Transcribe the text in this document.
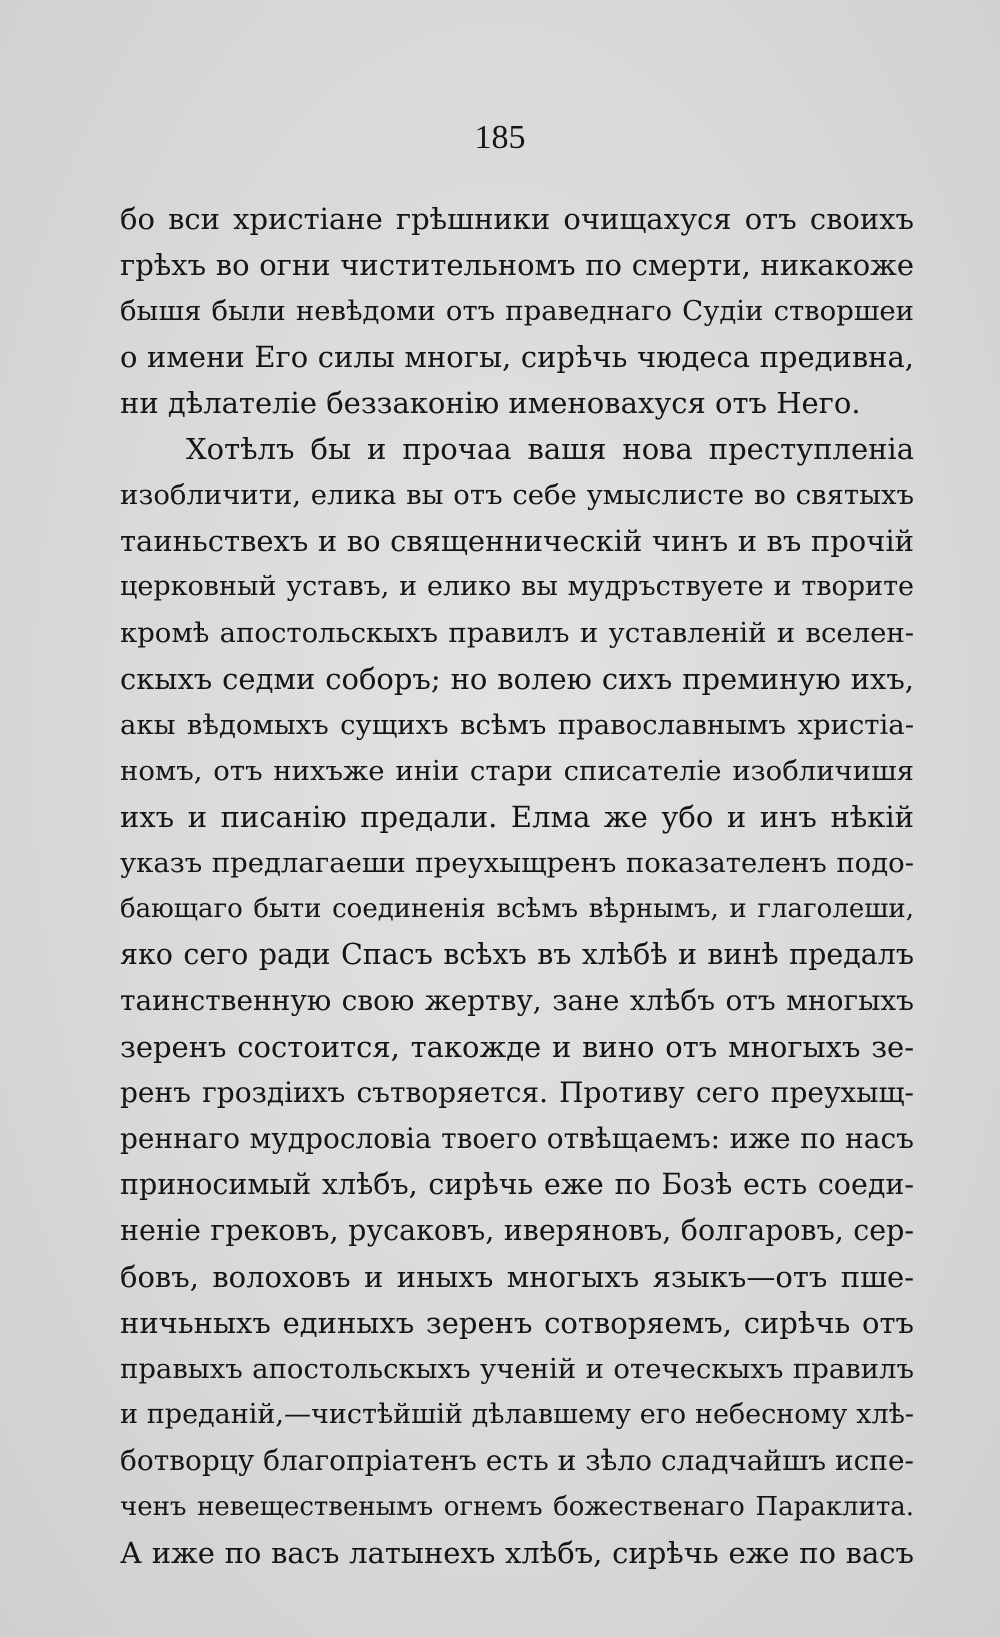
185
бо вси христіане грѣшники очищахуся отъ своихъ
грѣхъ во огни чистительномъ по смерти, никакоже
бышя были невѣдоми отъ праведнаго Судіи створшеи
о имени Его силы многы, сирѣчь чюдеса предивна,
ни дѣлателіе беззаконію именовахуся отъ Него.
Хотѣлъ бы и прочаа вашя нова преступленіа
изобличити, елика вы отъ себе умыслисте во святыхъ
таиньствехъ и во священническій чинъ и въ прочій
церковный уставъ, и елико вы мудръствуете и творите
кромѣ апостольскыхъ правилъ и уставленій и вселен-
скыхъ седми соборъ; но волею сихъ преминую ихъ,
акы вѣдомыхъ сущихъ всѣмъ православнымъ христіа-
номъ, отъ нихъже иніи стари списателіе изобличишя
ихъ и писанію предали. Елма же убо и инъ нѣкій
указъ предлагаеши преухыщренъ показателенъ подо-
бающаго быти соединенія всѣмъ вѣрнымъ, и глаголеши,
яко сего ради Спасъ всѣхъ въ хлѣбѣ и винѣ предалъ
таинственную свою жертву, зане хлѣбъ отъ многыхъ
зеренъ состоится, такожде и вино отъ многыхъ зе-
ренъ гроздіихъ сътворяется. Противу сего преухыщ-
реннаго мудрословіа твоего отвѣщаемъ: иже по насъ
приносимый хлѣбъ, сирѣчь еже по Бозѣ есть соеди-
неніе грековъ, русаковъ, иверяновъ, болгаровъ, сер-
бовъ, волоховъ и иныхъ многыхъ языкъ—отъ пше-
ничьныхъ единыхъ зеренъ сотворяемъ, сирѣчь отъ
правыхъ апостольскыхъ ученій и отеческыхъ правилъ
и преданій,—чистѣйшій дѣлавшему его небесному хлѣ-
ботворцу благопріатенъ есть и зѣло сладчайшъ испе-
ченъ невещественымъ огнемъ божественаго Параклита.
А иже по васъ латынехъ хлѣбъ, сирѣчь еже по васъ
